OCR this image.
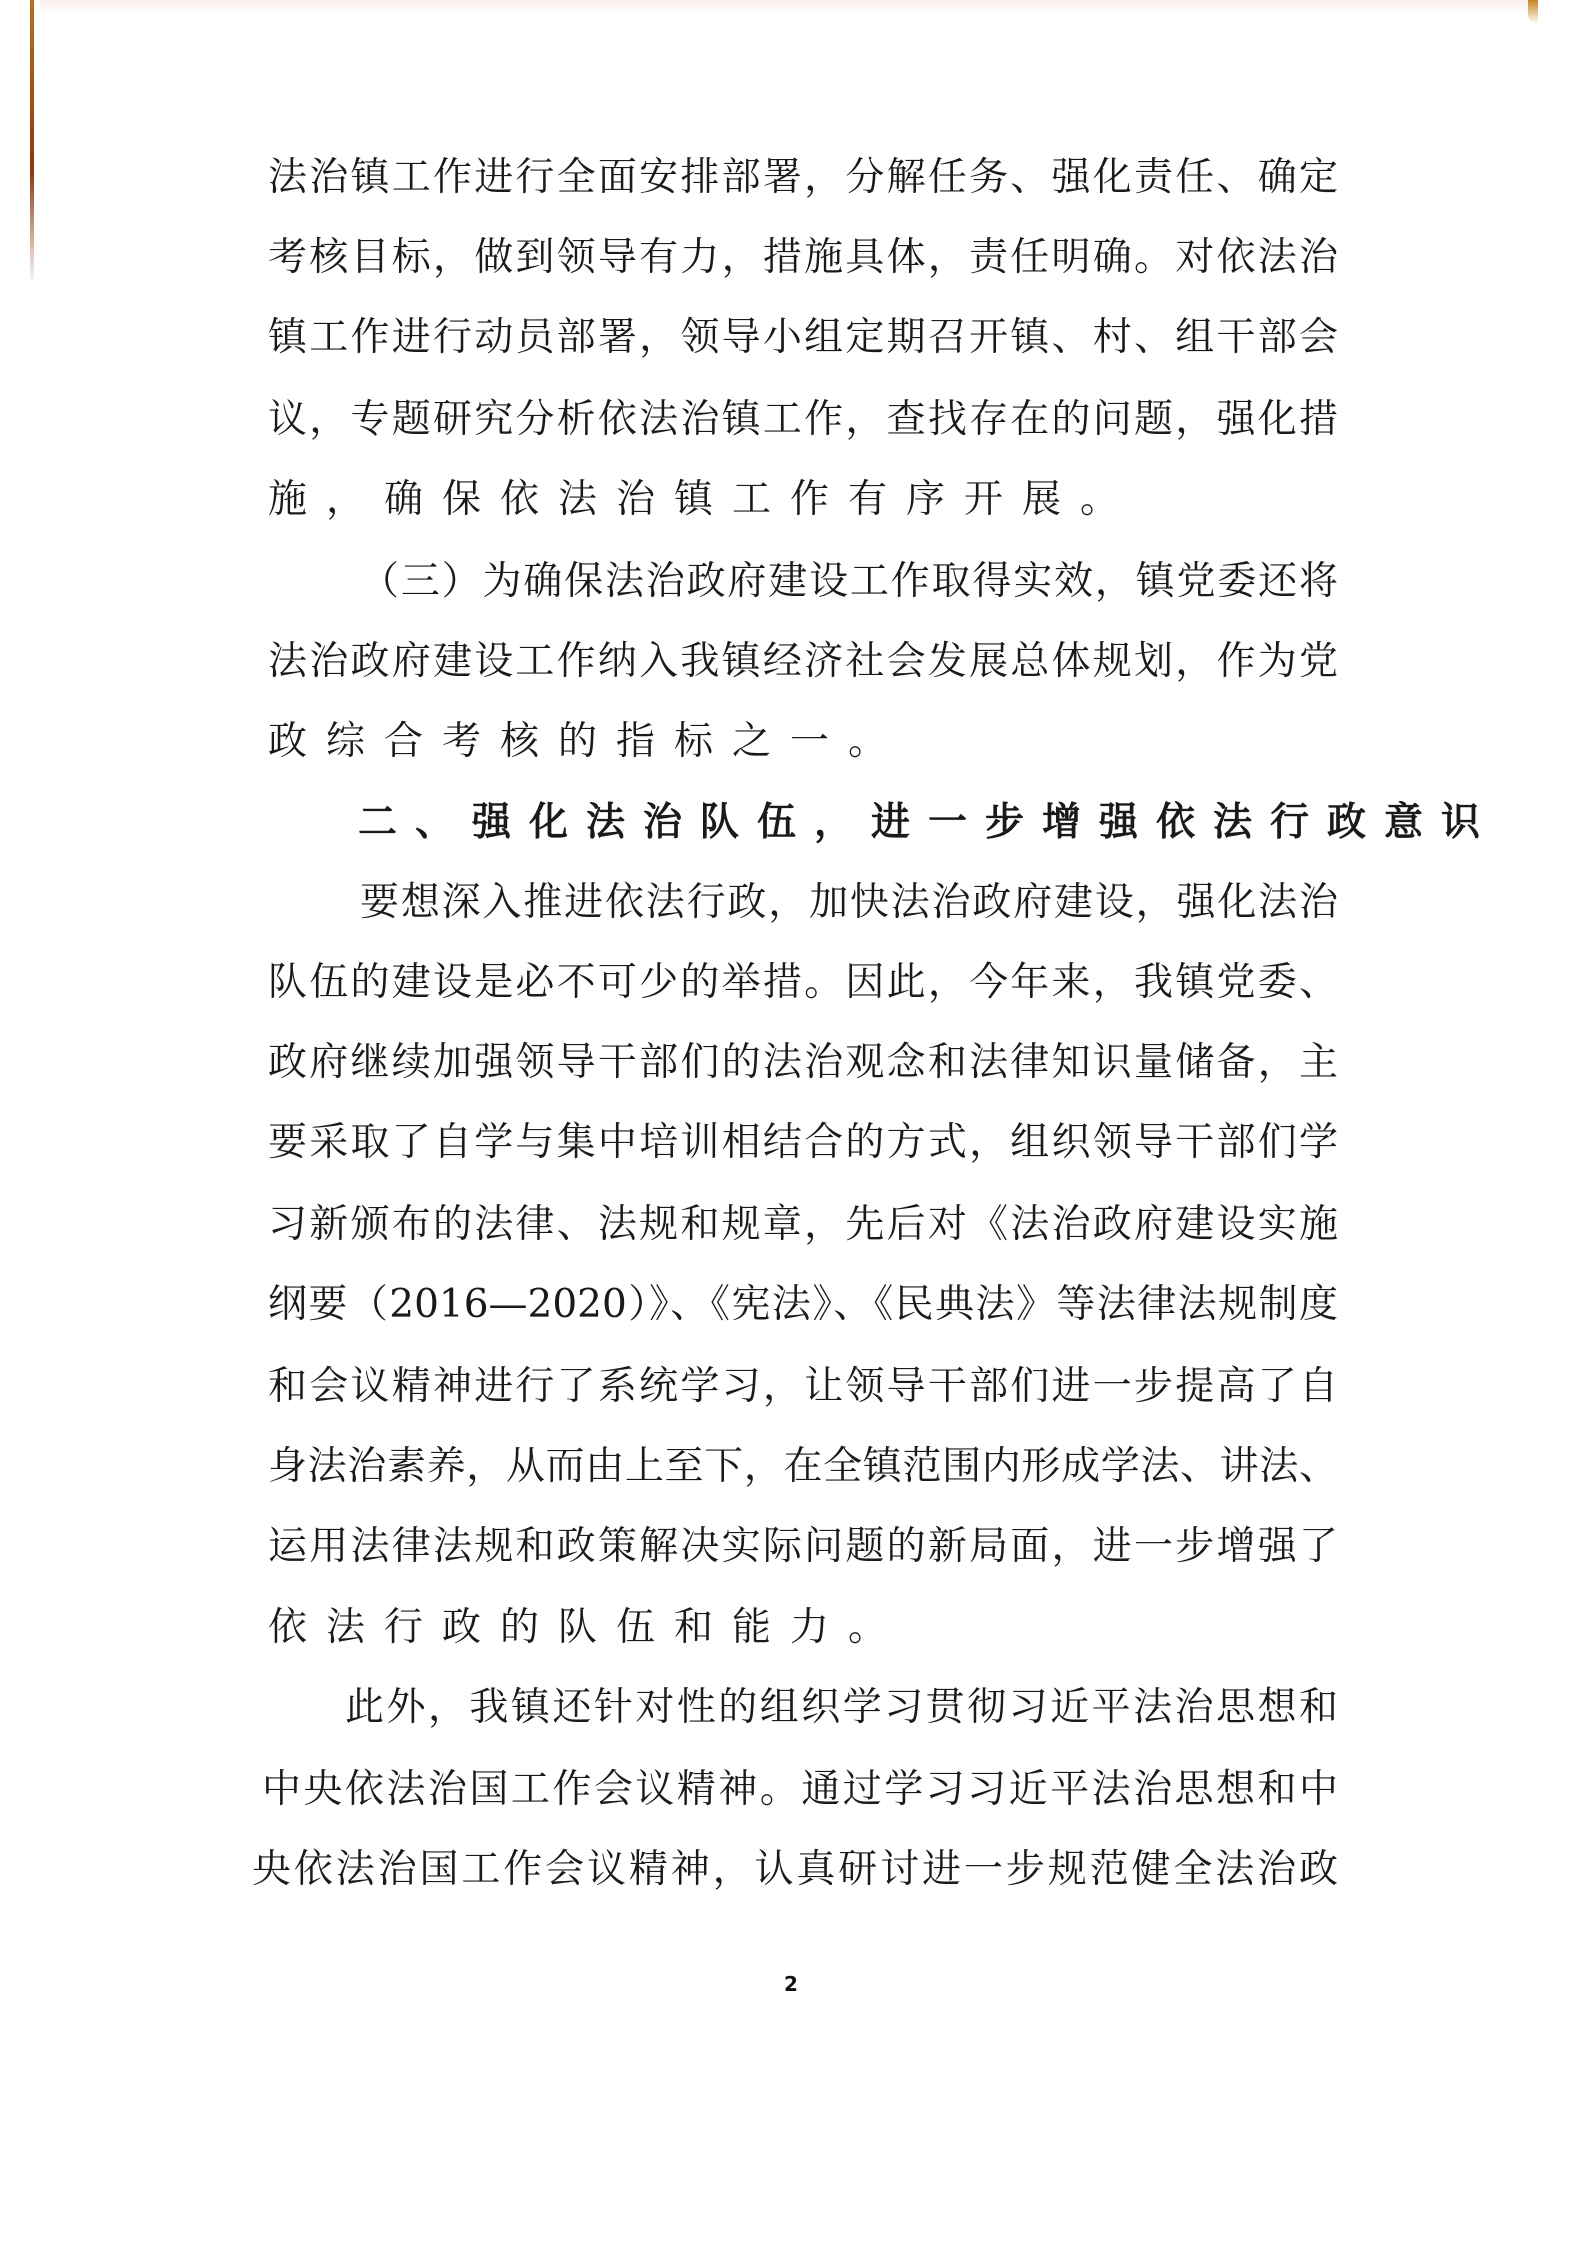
法治镇工作进行全面安排部署，分解任务、强化责任、确定
考核目标，做到领导有力，措施具体，责任明确。对依法治
镇工作进行动员部署，领导小组定期召开镇、村、组干部会
议，专题研究分析依法治镇工作，查找存在的问题，强化措
施，确保依法治镇工作有序开展。
（三）为确保法治政府建设工作取得实效，镇党委还将
法治政府建设工作纳入我镇经济社会发展总体规划，作为党
政综合考核的指标之一。
二、强化法治队伍，进一步增强依法行政意识
要想深入推进依法行政，加快法治政府建设，强化法治
队伍的建设是必不可少的举措。因此，今年来，我镇党委、
政府继续加强领导干部们的法治观念和法律知识量储备，主
要采取了自学与集中培训相结合的方式，组织领导干部们学
习新颁布的法律、法规和规章，先后对《法治政府建设实施
纲要（2016—2020）》、《宪法》、《民典法》等法律法规制度
和会议精神进行了系统学习，让领导干部们进一步提高了自
身法治素养，从而由上至下，在全镇范围内形成学法、讲法、
运用法律法规和政策解决实际问题的新局面，进一步增强了
依法行政的队伍和能力。
此外，我镇还针对性的组织学习贯彻习近平法治思想和
中央依法治国工作会议精神。通过学习习近平法治思想和中
央依法治国工作会议精神，认真研讨进一步规范健全法治政
2
